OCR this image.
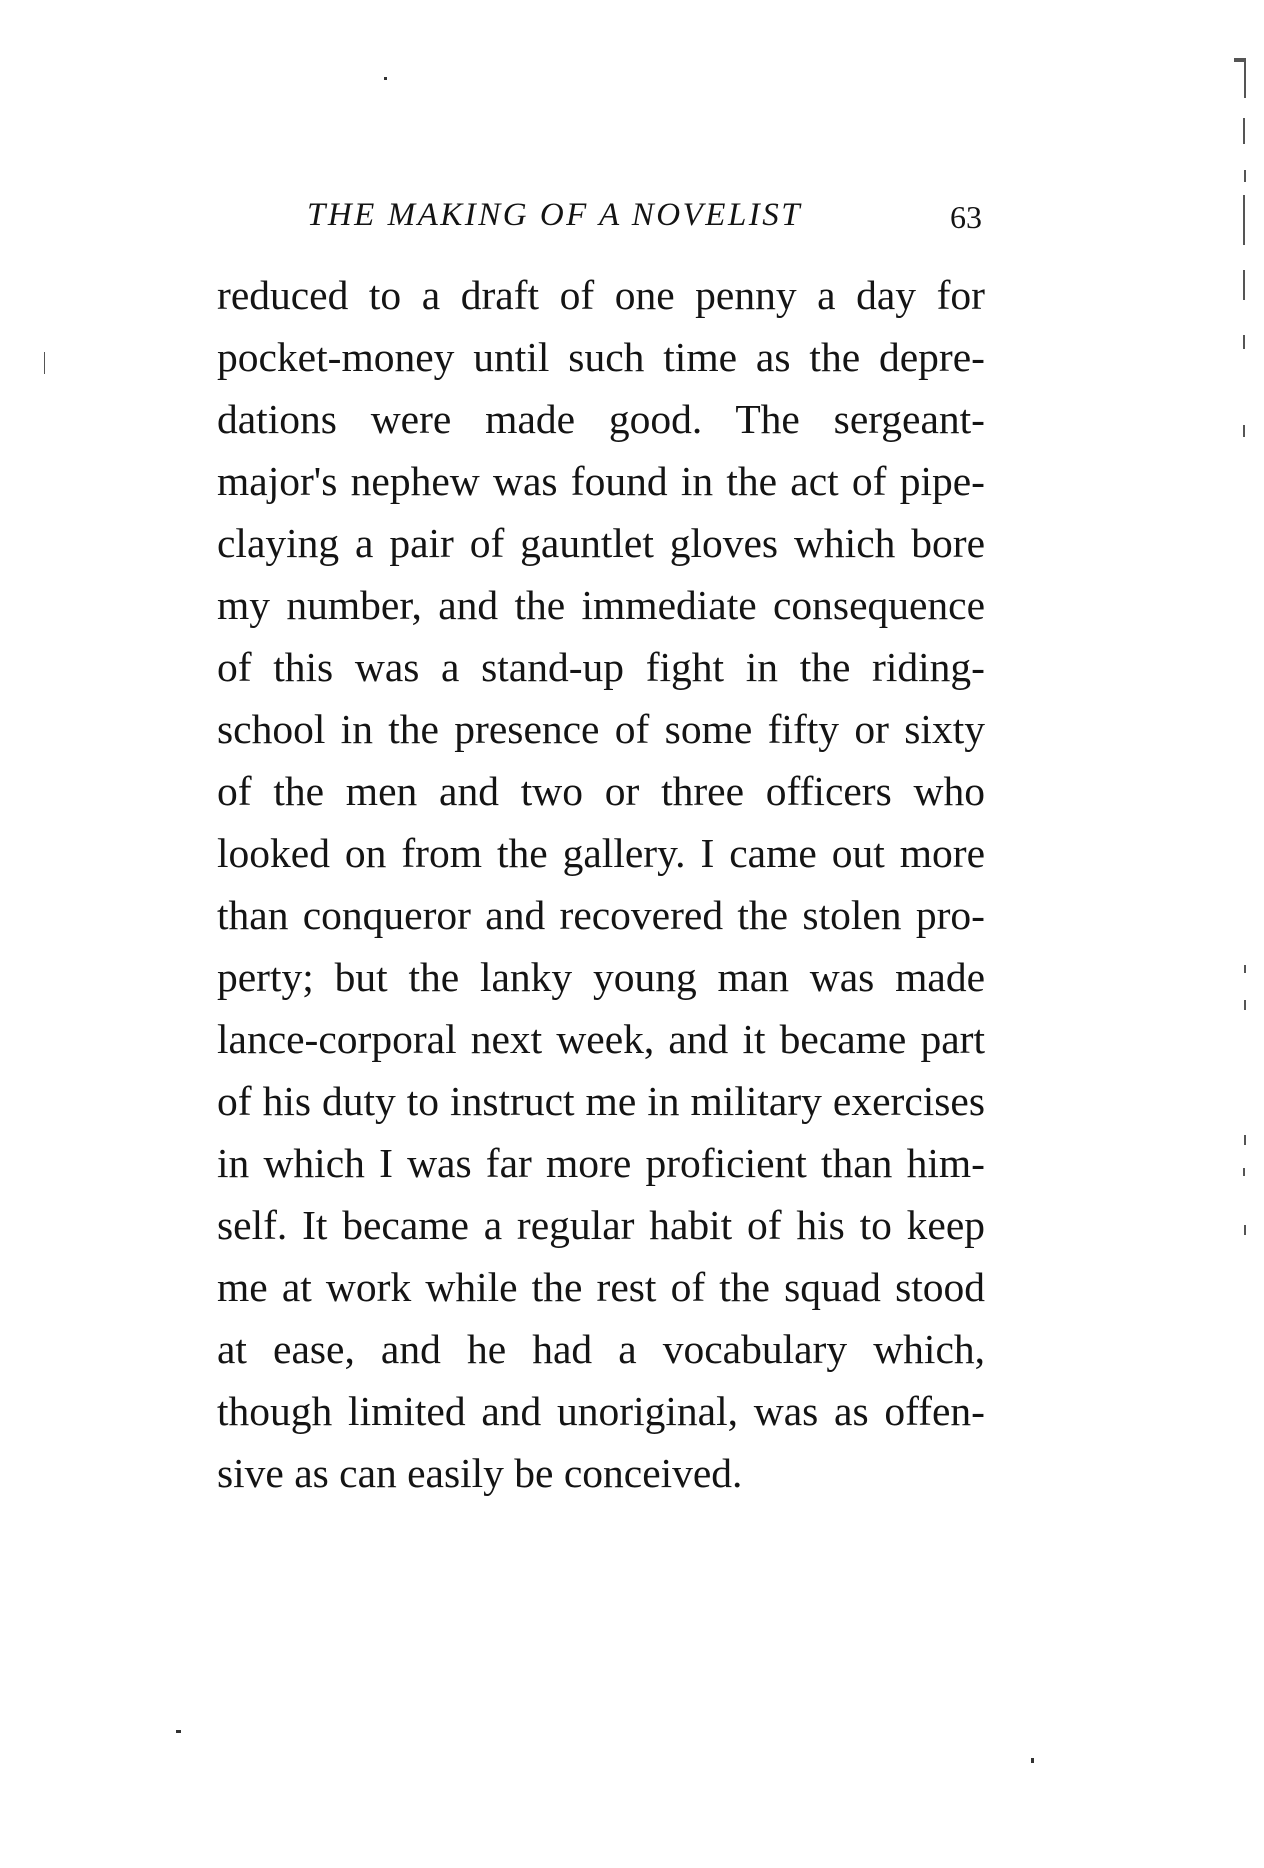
THE MAKING OF A NOVELIST	63
reduced to a draft of one penny a day for
pocket-money until such time as the depre-
dations were made good. The sergeant-
major's nephew was found in the act of pipe-
claying a pair of gauntlet gloves which bore
my number, and the immediate consequence
of this was a stand-up fight in the riding-
school in the presence of some fifty or sixty
of the men and two or three officers who
looked on from the gallery. I came out more
than conqueror and recovered the stolen pro-
perty; but the lanky young man was made
lance-corporal next week, and it became part
of his duty to instruct me in military exercises
in which I was far more proficient than him-
self. It became a regular habit of his to keep
me at work while the rest of the squad stood
at ease, and he had a vocabulary which,
though limited and unoriginal, was as offen-
sive as can easily be conceived.
